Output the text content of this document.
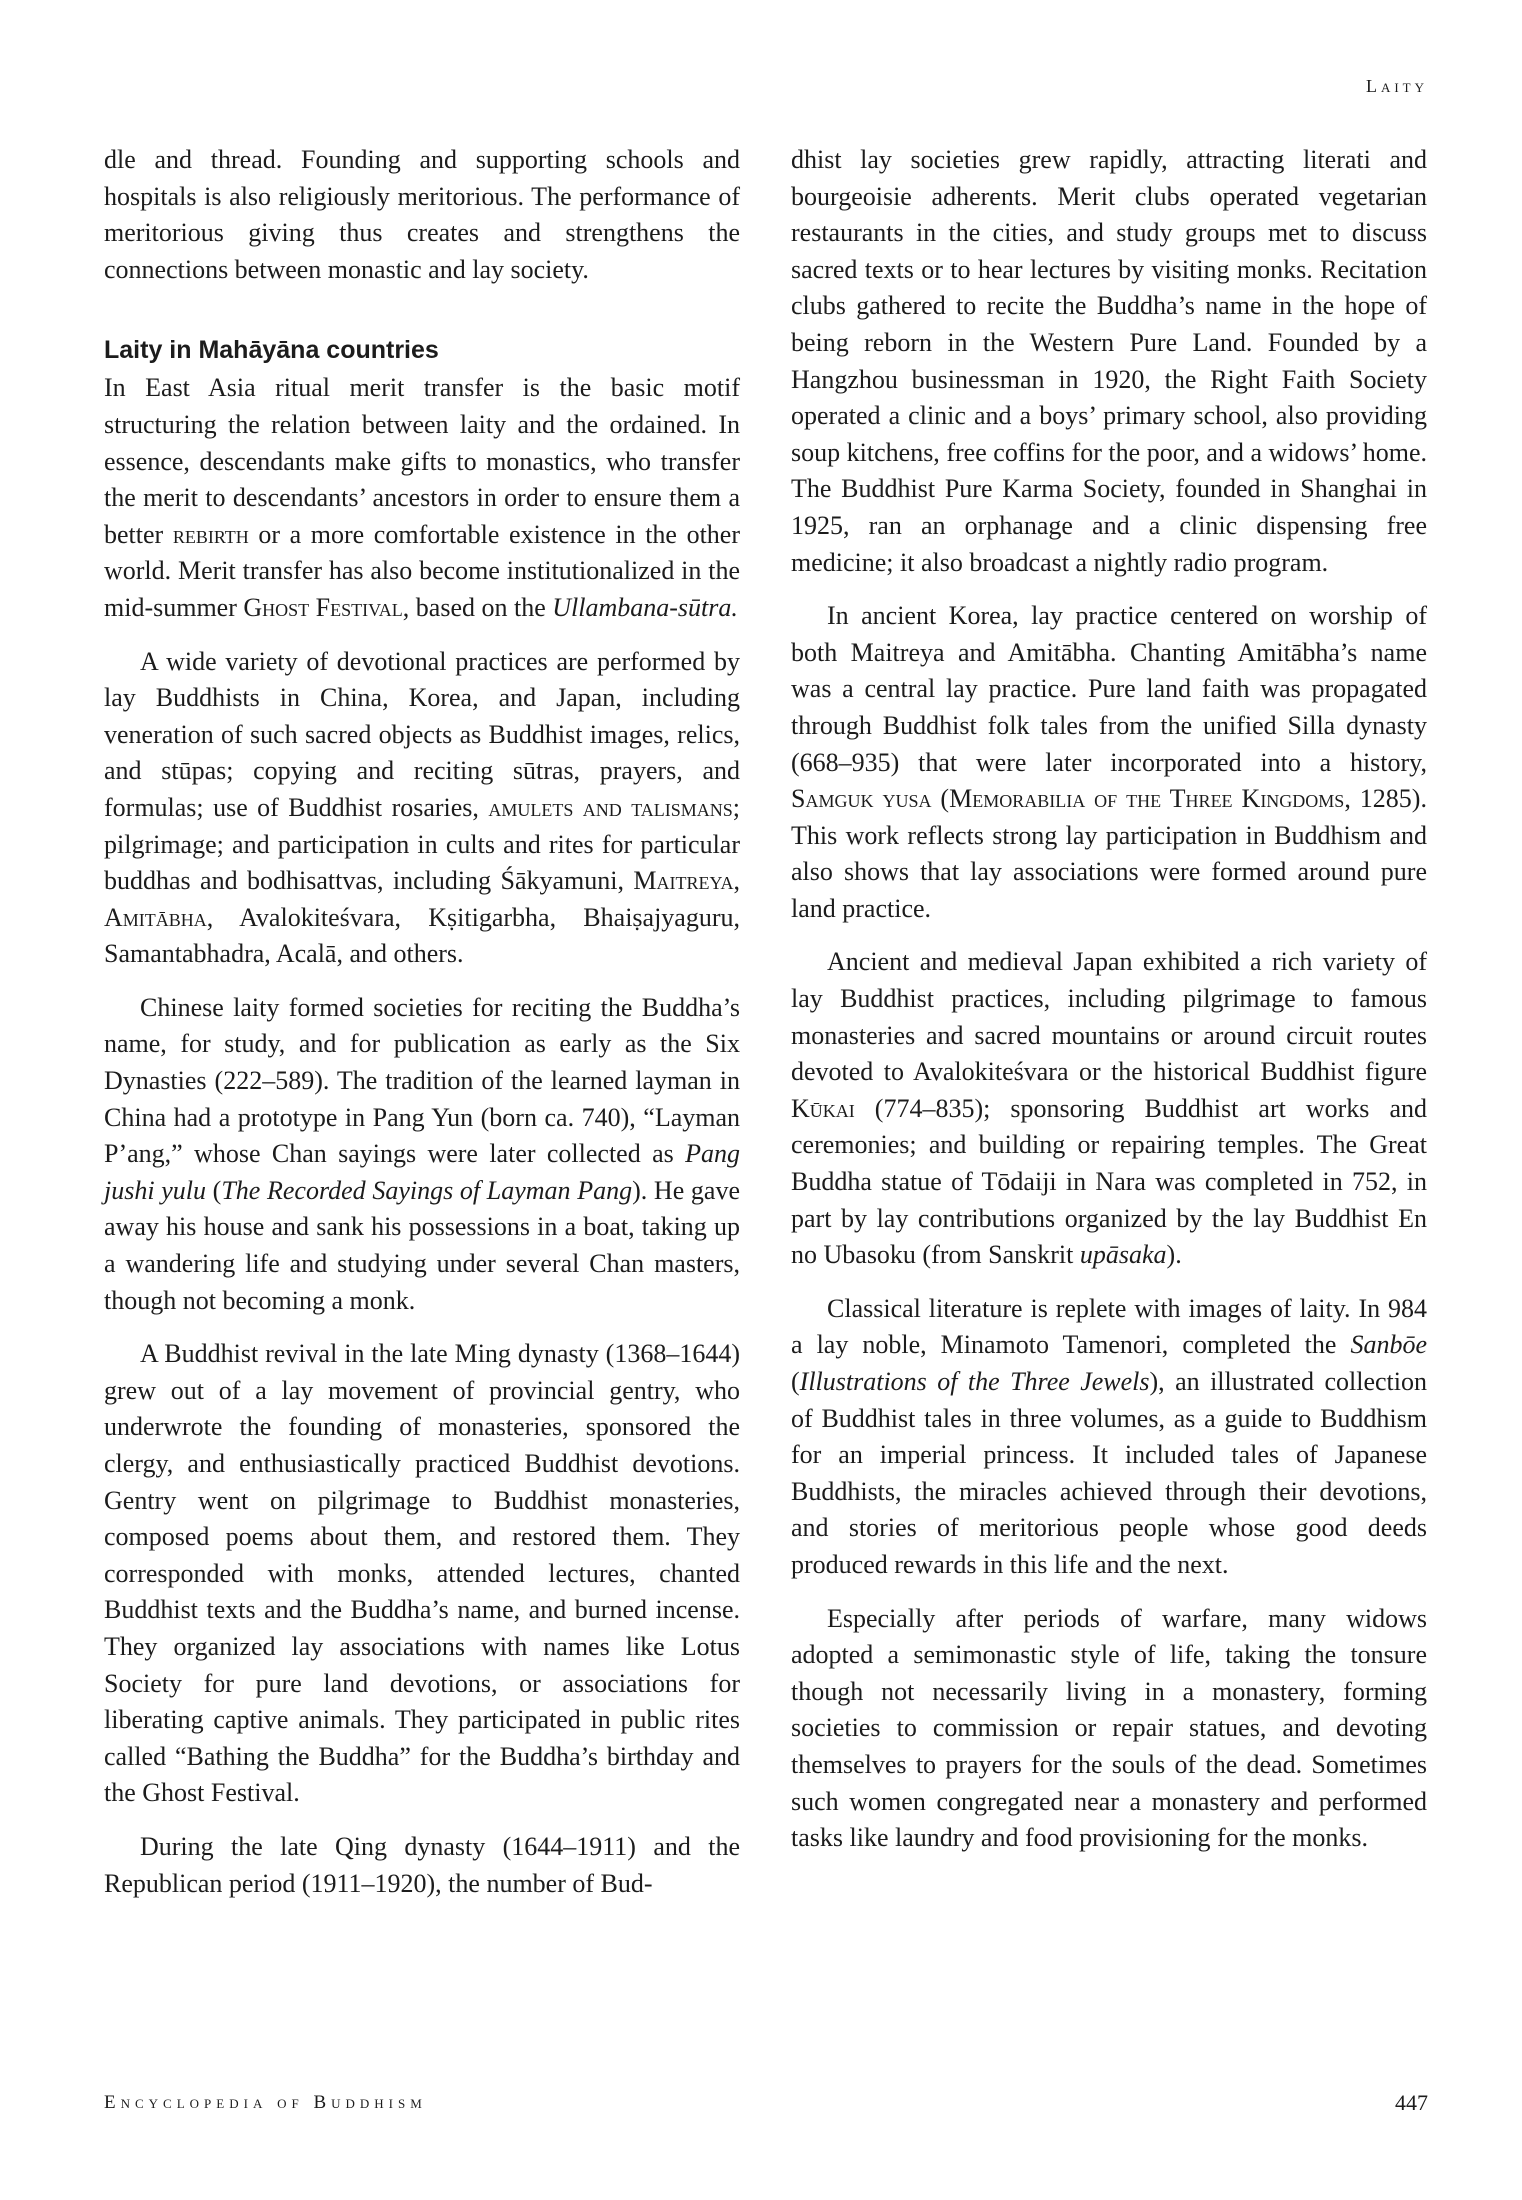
Laity

dle and thread. Founding and supporting schools and hospitals is also religiously meritorious. The performance of meritorious giving thus creates and strengthens the connections between monastic and lay society.

Laity in Mahāyāna countries

In East Asia ritual merit transfer is the basic motif structuring the relation between laity and the ordained. In essence, descendants make gifts to monastics, who transfer the merit to descendants’ ancestors in order to ensure them a better rebirth or a more comfortable existence in the other world. Merit transfer has also become institutionalized in the mid-summer Ghost Festival, based on the Ullambana-sūtra.

A wide variety of devotional practices are performed by lay Buddhists in China, Korea, and Japan, including veneration of such sacred objects as Buddhist images, relics, and stūpas; copying and reciting sūtras, prayers, and formulas; use of Buddhist rosaries, amulets and talismans; pilgrimage; and participation in cults and rites for particular buddhas and bodhisattvas, including Śākyamuni, Maitreya, Amitābha, Avalokiteśvara, Kṣitigarbha, Bhaiṣajyaguru, Samantabhadra, Acalā, and others.

Chinese laity formed societies for reciting the Buddha’s name, for study, and for publication as early as the Six Dynasties (222–589). The tradition of the learned layman in China had a prototype in Pang Yun (born ca. 740), “Layman P’ang,” whose Chan sayings were later collected as Pang jushi yulu (The Recorded Sayings of Layman Pang). He gave away his house and sank his possessions in a boat, taking up a wandering life and studying under several Chan masters, though not becoming a monk.

A Buddhist revival in the late Ming dynasty (1368–1644) grew out of a lay movement of provincial gentry, who underwrote the founding of monasteries, sponsored the clergy, and enthusiastically practiced Buddhist devotions. Gentry went on pilgrimage to Buddhist monasteries, composed poems about them, and restored them. They corresponded with monks, attended lectures, chanted Buddhist texts and the Buddha’s name, and burned incense. They organized lay associations with names like Lotus Society for pure land devotions, or associations for liberating captive animals. They participated in public rites called “Bathing the Buddha” for the Buddha’s birthday and the Ghost Festival.

During the late Qing dynasty (1644–1911) and the Republican period (1911–1920), the number of Bud-

dhist lay societies grew rapidly, attracting literati and bourgeoisie adherents. Merit clubs operated vegetarian restaurants in the cities, and study groups met to discuss sacred texts or to hear lectures by visiting monks. Recitation clubs gathered to recite the Buddha’s name in the hope of being reborn in the Western Pure Land. Founded by a Hangzhou businessman in 1920, the Right Faith Society operated a clinic and a boys’ primary school, also providing soup kitchens, free coffins for the poor, and a widows’ home. The Buddhist Pure Karma Society, founded in Shanghai in 1925, ran an orphanage and a clinic dispensing free medicine; it also broadcast a nightly radio program.

In ancient Korea, lay practice centered on worship of both Maitreya and Amitābha. Chanting Amitābha’s name was a central lay practice. Pure land faith was propagated through Buddhist folk tales from the unified Silla dynasty (668–935) that were later incorporated into a history, Samguk yusa (Memorabilia of the Three Kingdoms, 1285). This work reflects strong lay participation in Buddhism and also shows that lay associations were formed around pure land practice.

Ancient and medieval Japan exhibited a rich variety of lay Buddhist practices, including pilgrimage to famous monasteries and sacred mountains or around circuit routes devoted to Avalokiteśvara or the historical Buddhist figure Kūkai (774–835); sponsoring Buddhist art works and ceremonies; and building or repairing temples. The Great Buddha statue of Tōdaiji in Nara was completed in 752, in part by lay contributions organized by the lay Buddhist En no Ubasoku (from Sanskrit upāsaka).

Classical literature is replete with images of laity. In 984 a lay noble, Minamoto Tamenori, completed the Sanbōe (Illustrations of the Three Jewels), an illustrated collection of Buddhist tales in three volumes, as a guide to Buddhism for an imperial princess. It included tales of Japanese Buddhists, the miracles achieved through their devotions, and stories of meritorious people whose good deeds produced rewards in this life and the next.

Especially after periods of warfare, many widows adopted a semimonastic style of life, taking the tonsure though not necessarily living in a monastery, forming societies to commission or repair statues, and devoting themselves to prayers for the souls of the dead. Sometimes such women congregated near a monastery and performed tasks like laundry and food provisioning for the monks.

Encyclopedia of Buddhism	447
